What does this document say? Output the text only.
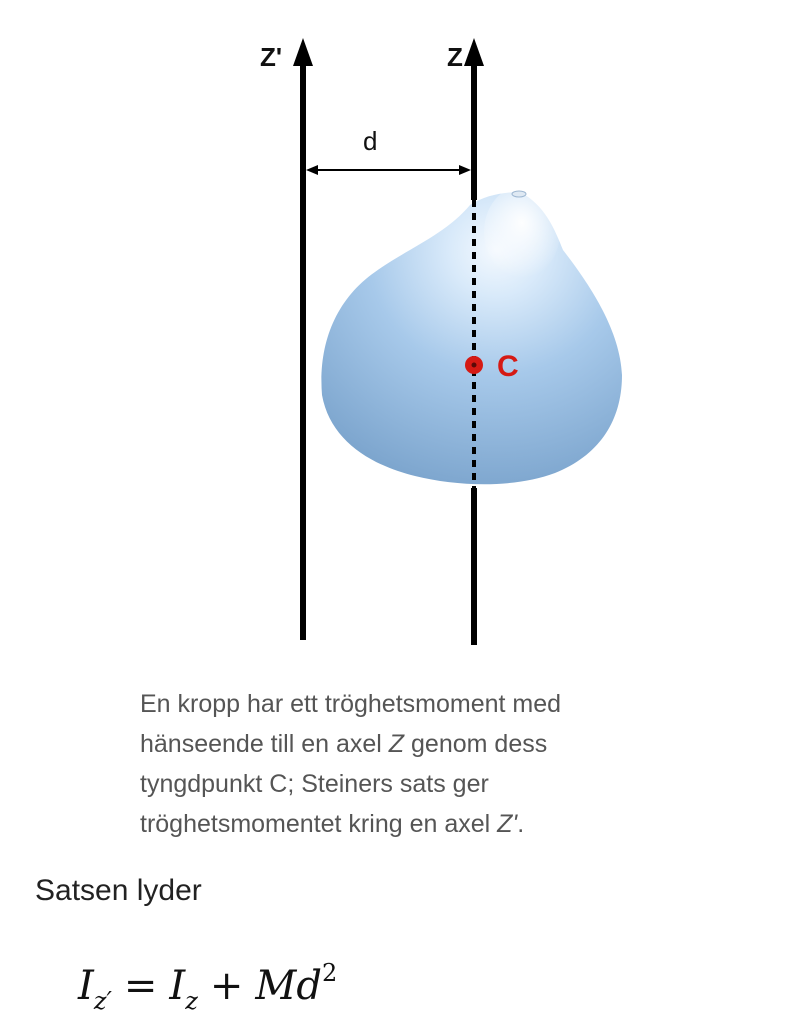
Z'	Z
d
C

En kropp har ett tröghetsmoment med
hänseende till en axel Z genom dess
tyngdpunkt C; Steiners sats ger
tröghetsmomentet kring en axel Z'.

Satsen lyder
$I_{z'} = I_z + Md^2$
